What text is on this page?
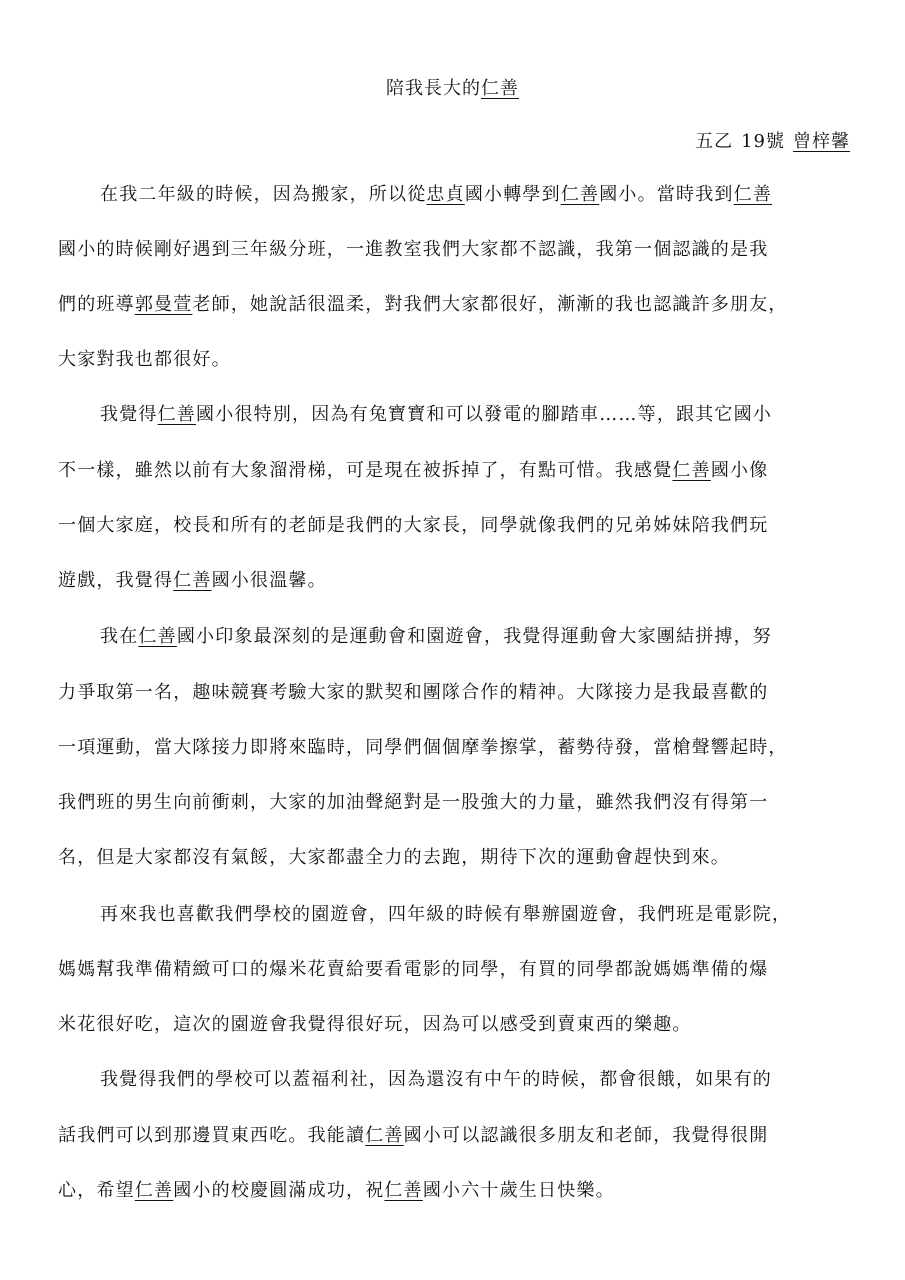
陪我長大的仁善
五乙 19號 曾梓馨
在我二年級的時候，因為搬家，所以從忠貞國小轉學到仁善國小。當時我到仁善
國小的時候剛好遇到三年級分班，一進教室我們大家都不認識，我第一個認識的是我
們的班導郭曼萱老師，她說話很溫柔，對我們大家都很好，漸漸的我也認識許多朋友，
大家對我也都很好。
我覺得仁善國小很特別，因為有兔寶寶和可以發電的腳踏車……等，跟其它國小
不一樣，雖然以前有大象溜滑梯，可是現在被拆掉了，有點可惜。我感覺仁善國小像
一個大家庭，校長和所有的老師是我們的大家長，同學就像我們的兄弟姊妹陪我們玩
遊戲，我覺得仁善國小很溫馨。
我在仁善國小印象最深刻的是運動會和園遊會，我覺得運動會大家團結拼搏，努
力爭取第一名，趣味競賽考驗大家的默契和團隊合作的精神。大隊接力是我最喜歡的
一項運動，當大隊接力即將來臨時，同學們個個摩拳擦掌，蓄勢待發，當槍聲響起時，
我們班的男生向前衝刺，大家的加油聲絕對是一股強大的力量，雖然我們沒有得第一
名，但是大家都沒有氣餒，大家都盡全力的去跑，期待下次的運動會趕快到來。
再來我也喜歡我們學校的園遊會，四年級的時候有舉辦園遊會，我們班是電影院，
媽媽幫我準備精緻可口的爆米花賣給要看電影的同學，有買的同學都說媽媽準備的爆
米花很好吃，這次的園遊會我覺得很好玩，因為可以感受到賣東西的樂趣。
我覺得我們的學校可以蓋福利社，因為還沒有中午的時候，都會很餓，如果有的
話我們可以到那邊買東西吃。我能讀仁善國小可以認識很多朋友和老師，我覺得很開
心，希望仁善國小的校慶圓滿成功，祝仁善國小六十歲生日快樂。
